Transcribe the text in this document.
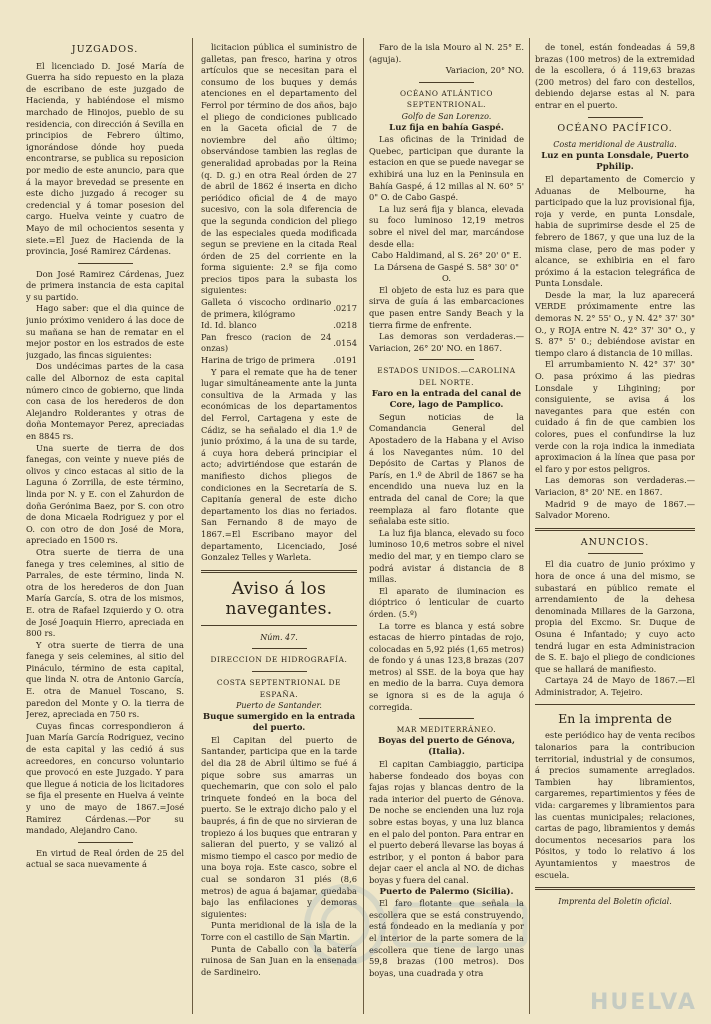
JUZGADOS.

El licenciado D. José María de Guerra ha sido repuesto en la plaza de escribano de este juzgado de Hacienda, y habiéndose el mismo marchado de Hinojos, pueblo de su residencia, con dirección á Sevilla en principios de Febrero último, ignorándose dónde hoy pueda encontrarse, se publica su reposicion por medio de este anuncio, para que á la mayor brevedad se presente en este dicho juzgado á recoger su credencial y á tomar posesion del cargo. Huelva veinte y cuatro de Mayo de mil ochocientos sesenta y siete.=El Juez de Hacienda de la provincia, José Ramirez Cárdenas.

Don José Ramirez Cárdenas, Juez de primera instancia de esta capital y su partido.

Hago saber: que el dia quince de junio próximo venidero á las doce de su mañana se han de rematar en el mejor postor en los estrados de este juzgado, las fincas siguientes:

Dos undécimas partes de la casa calle del Albornoz de esta capital número cinco de gobierno, que linda con casa de los herederos de don Alejandro Rolderantes y otras de doña Montemayor Perez, apreciadas en 8845 rs.

Una suerte de tierra de dos fanegas, con veinte y nueve piés de olivos y cinco estacas al sitio de la Laguna ó Zorrilla, de este término, linda por N. y E. con el Zahurdon de doña Gerónima Baez, por S. con otro de dona Micaela Rodriguez y por el O. con otro de don José de Mora, apreciado en 1500 rs.

Otra suerte de tierra de una fanega y tres celemines, al sitio de Parrales, de este término, linda N. otra de los herederos de don Juan María García, S. otra de los mismos, E. otra de Rafael Izquierdo y O. otra de José Joaquin Hierro, apreciada en 800 rs.

Y otra suerte de tierra de una fanega y seis celemines, al sitio del Pináculo, término de esta capital, que linda N. otra de Antonio García, E. otra de Manuel Toscano, S. paredon del Monte y O. la tierra de Jerez, apreciada en 750 rs.

Cuyas fincas correspondieron á Juan María García Rodriguez, vecino de esta capital y las cedió á sus acreedores, en concurso voluntario que provocó en este Juzgado. Y para que llegue á noticia de los licitadores se fija el presente en Huelva á veinte y uno de mayo de 1867.=José Ramirez Cárdenas.—Por su mandado, Alejandro Cano.

En virtud de Real órden de 25 del actual se saca nuevamente á

licitacion pública el suministro de galletas, pan fresco, harina y otros artículos que se necesitan para el consumo de los buques y demás atenciones en el departamento del Ferrol por término de dos años, bajo el pliego de condiciones publicado en la Gaceta oficial de 7 de noviembre del año último; observándose tambien las reglas de generalidad aprobadas por la Reina (q. D. g.) en otra Real órden de 27 de abril de 1862 é inserta en dicho periódico oficial de 4 de mayo sucesivo, con la sola diferencia de que la segunda condicion del pliego de las especiales queda modificada segun se previene en la citada Real órden de 25 del corriente en la forma siguiente: 2.ª se fija como precios tipos para la subasta los siguientes:

Galleta ó viscocho ordinario de primera, kilógramo	.0217
Id. Id. blanco	.0218
Pan fresco (racion de 24 onzas)	.0154
Harina de trigo de primera	.0191

Y para el remate que ha de tener lugar simultáneamente ante la junta consultiva de la Armada y las económicas de los departamentos del Ferrol, Cartagena y este de Cádiz, se ha señalado el dia 1.º de junio próximo, á la una de su tarde, á cuya hora deberá principiar el acto; advirtiéndose que estarán de manifiesto dichos pliegos de condiciones en la Secretaría de S. Capitanía general de este dicho departamento los dias no feriados. San Fernando 8 de mayo de 1867.=El Escribano mayor del departamento, Licenciado, José Gonzalez Telles y Warleta.

Aviso á los navegantes.
Núm. 47.
DIRECCION DE HIDROGRAFÍA.
COSTA SEPTENTRIONAL DE ESPAÑA.
Puerto de Santander.
Buque sumergido en la entrada del puerto.

El Capitan del puerto de Santander, participa que en la tarde del dia 28 de Abril último se fué á pique sobre sus amarras un quechemarin, que con solo el palo trinquete fondeó en la boca del puerto. Se le extrajo dicho palo y el bauprés, á fin de que no sirvieran de tropiezo á los buques que entraran y salieran del puerto, y se valizó al mismo tiempo el casco por medio de una boya roja. Este casco, sobre el cual se sondaron 31 piés (8,6 metros) de agua á bajamar, quedaba bajo las enfilaciones y demoras siguientes:

Punta meridional de la isla de la Torre con el castillo de San Martin.

Punta de Caballo con la batería ruinosa de San Juan en la ensenada de Sardineiro.

Faro de la isla Mouro al N. 25° E. (aguja).

Variacion, 20° NO.

OCÉANO ATLÁNTICO SEPTENTRIONAL.
Golfo de San Lorenzo.
Luz fija en bahía Gaspé.

Las oficinas de la Trinidad de Quebec, participan que durante la estacion en que se puede navegar se exhibirá una luz en la Peninsula en Bahía Gaspé, á 12 millas al N. 60° 5' 0" O. de Cabo Gaspé.

La luz será fija y blanca, elevada su foco luminoso 12,19 metros sobre el nivel del mar, marcándose desde ella:

Cabo Haldimand, al S. 26° 20' 0" E.

La Dársena de Gaspé S. 58° 30' 0" O.

El objeto de esta luz es para que sirva de guía á las embarcaciones que pasen entre Sandy Beach y la tierra firme de enfrente.

Las demoras son verdaderas.—Variacion, 26° 20' NO. en 1867.

ESTADOS UNIDOS.—CAROLINA DEL NORTE.
Faro en la entrada del canal de Core, lago de Pamplico.

Segun noticias de la Comandancia General del Apostadero de la Habana y el Aviso á los Navegantes núm. 10 del Depósito de Cartas y Planos de París, en 1.º de Abril de 1867 se ha encendido una nueva luz en la entrada del canal de Core; la que reemplaza al faro flotante que señalaba este sitio.

La luz fija blanca, elevado su foco luminoso 10,6 metros sobre el nivel medio del mar, y en tiempo claro se podrá avistar á distancia de 8 millas.

El aparato de iluminacion es dióptrico ó lenticular de cuarto órden. (5.º)

La torre es blanca y está sobre estacas de hierro pintadas de rojo, colocadas en 5,92 piés (1,65 metros) de fondo y á unas 123,8 brazas (207 metros) al SSE. de la boya que hay en medio de la barra. Cuya demora se ignora si es de la aguja ó corregida.

MAR MEDITERRÁNEO.
Boyas del puerto de Génova, (Italia).

El capitan Cambiaggio, participa haberse fondeado dos boyas con fajas rojas y blancas dentro de la rada interior del puerto de Génova. De noche se encienden una luz roja sobre estas boyas, y una luz blanca en el palo del ponton. Para entrar en el puerto deberá llevarse las boyas á estribor, y el ponton á babor para dejar caer el ancla al NO. de dichas boyas y fuera del canal.

Puerto de Palermo (Sicilia).

El faro flotante que señala la escollera que se está construyendo, está fondeado en la medianía y por el interior de la parte somera de la escollera que tiene de largo unas 59,8 brazas (100 metros). Dos boyas, una cuadrada y otra

de tonel, están fondeadas á 59,8 brazas (100 metros) de la extremidad de la escollera, ó á 119,63 brazas (200 metros) del faro con destellos, debiendo dejarse estas al N. para entrar en el puerto.

OCÉANO PACÍFICO.
Costa meridional de Australia.
Luz en punta Lonsdale, Puerto Pphilip.

El departamento de Comercio y Aduanas de Melbourne, ha participado que la luz provisional fija, roja y verde, en punta Lonsdale, habia de suprimirse desde el 25 de febrero de 1867, y que una luz de la misma clase, pero de mas poder y alcance, se exhibiria en el faro próximo á la estacion telegráfica de Punta Lonsdale.

Desde la mar, la luz aparecerá VERDE próximamente entre las demoras N. 2° 55' O., y N. 42° 37' 30" O., y ROJA entre N. 42° 37' 30" O., y S. 87° 5' 0.; debiéndose avistar en tiempo claro á distancia de 10 millas.

El arrumbamiento N. 42° 37' 30" O. pasa próximo á las piedras Lonsdale y Lihgining; por consiguiente, se avisa á los navegantes para que estén con cuidado á fin de que cambien los colores, pues el confundirse la luz verde con la roja indica la inmediata aproximacion á la línea que pasa por el faro y por estos peligros.

Las demoras son verdaderas.—Variacion, 8° 20' NE. en 1867.

Madrid 9 de mayo de 1867.—Salvador Moreno.

ANUNCIOS.

El dia cuatro de junio próximo y hora de once á una del mismo, se subastará en público remate el arrendamiento de la dehesa denominada Millares de la Garzona, propia del Excmo. Sr. Duque de Osuna é Infantado; y cuyo acto tendrá lugar en esta Administracion de S. E. bajo el pliego de condiciones que se hallará de manifiesto.

Cartaya 24 de Mayo de 1867.—El Administrador, A. Tejeiro.

En la imprenta de

este periódico hay de venta recibos talonarios para la contribucion territorial, industrial y de consumos, á precios sumamente arreglados. Tambien hay libramientos, cargaremes, repartimientos y fées de vida: cargaremes y libramientos para las cuentas municipales; relaciones, cartas de pago, libramientos y demás documentos necesarios para los Pósitos, y todo lo relativo á los Ayuntamientos y maestros de escuela.

Imprenta del Boletin oficial.
HUELVA
